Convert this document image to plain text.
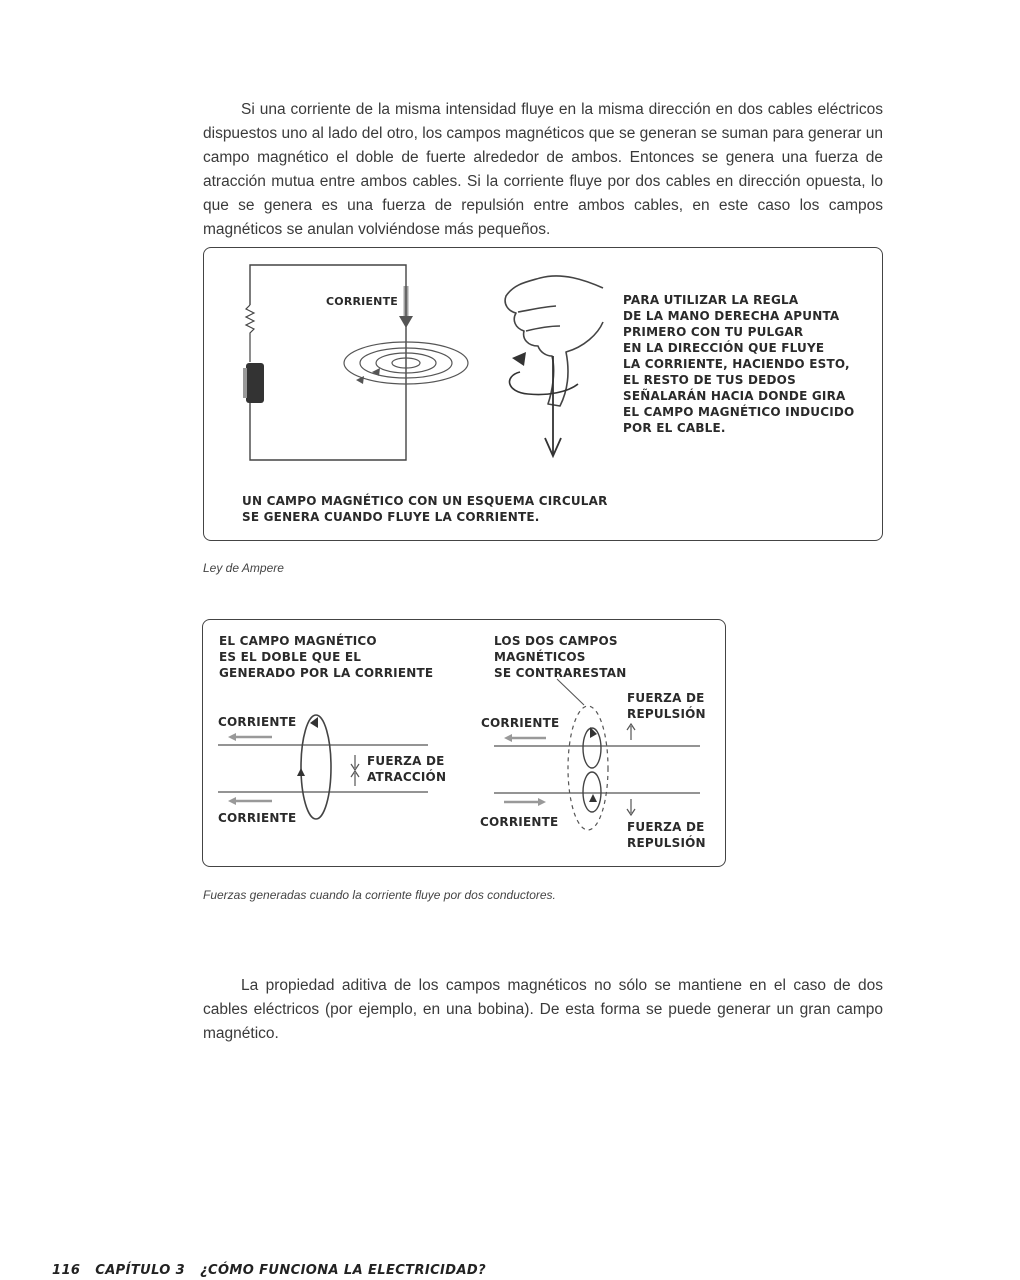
Si una corriente de la misma intensidad fluye en la misma dirección en dos cables eléctricos dispuestos uno al lado del otro, los campos magnéticos que se generan se suman para generar un campo magnético el doble de fuerte alrededor de ambos. Entonces se genera una fuerza de atracción mutua entre ambos cables. Si la corriente fluye por dos cables en dirección opuesta, lo que se genera es una fuerza de repulsión entre ambos cables, en este caso los campos magnéticos se anulan volviéndose más pequeños.

CORRIENTE	PARA UTILIZAR LA REGLA
DE LA MANO DERECHA APUNTA
PRIMERO CON TU PULGAR
EN LA DIRECCIÓN QUE FLUYE
LA CORRIENTE, HACIENDO ESTO,
EL RESTO DE TUS DEDOS
SEÑALARÁN HACIA DONDE GIRA
EL CAMPO MAGNÉTICO INDUCIDO
POR EL CABLE.
UN CAMPO MAGNÉTICO CON UN ESQUEMA CIRCULAR
SE GENERA CUANDO FLUYE LA CORRIENTE.
Ley de Ampere
EL CAMPO MAGNÉTICO
ES EL DOBLE QUE EL
GENERADO POR LA CORRIENTE
CORRIENTE
CORRIENTE
FUERZA DE
ATRACCIÓN
LOS DOS CAMPOS
MAGNÉTICOS
SE CONTRARESTAN
CORRIENTE
CORRIENTE
FUERZA DE
REPULSIÓN
FUERZA DE
REPULSIÓN
Fuerzas generadas cuando la corriente fluye por dos conductores.

La propiedad aditiva de los campos magnéticos no sólo se mantiene en el caso de dos cables eléctricos (por ejemplo, en una bobina). De esta forma se puede generar un gran campo magnético.

116 CAPÍTULO 3 ¿CÓMO FUNCIONA LA ELECTRICIDAD?
